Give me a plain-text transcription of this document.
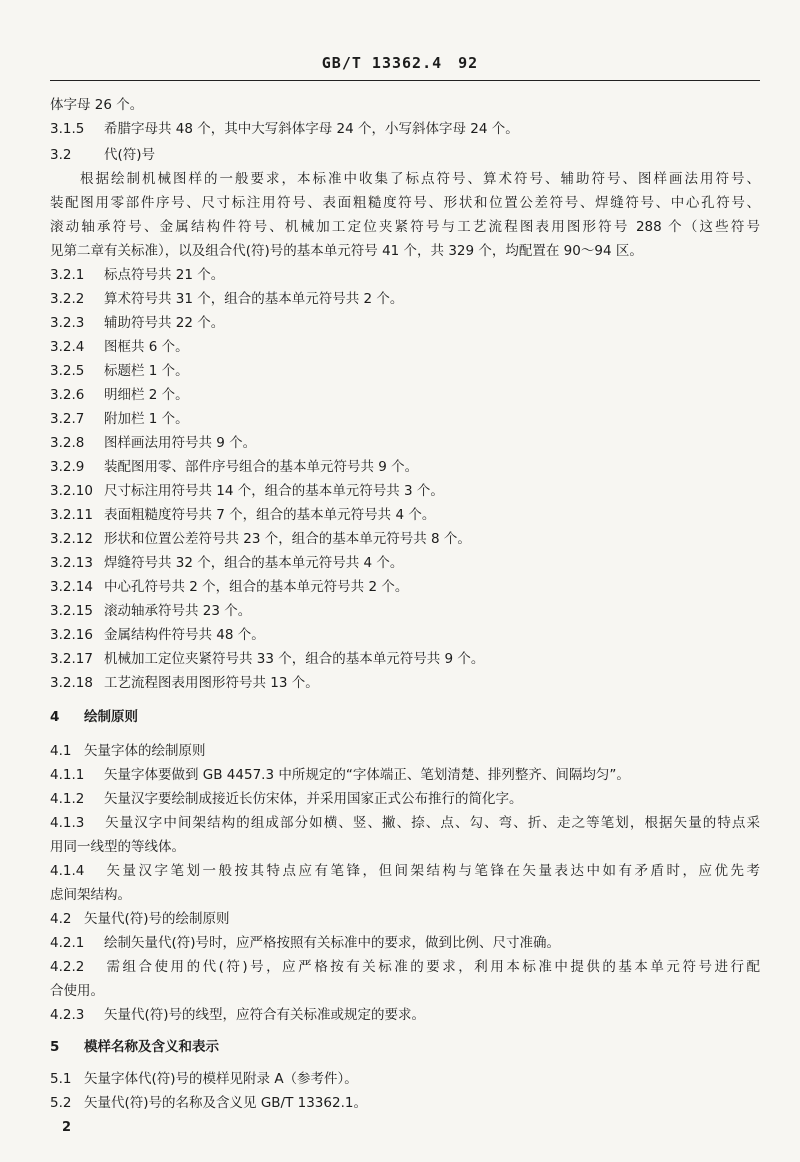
GB/T 13362.4　92
体字母 26 个。
3.1.5 希腊字母共 48 个，其中大写斜体字母 24 个，小写斜体字母 24 个。
3.2 代(符)号
根据绘制机械图样的一般要求，本标准中收集了标点符号、算术符号、辅助符号、图样画法用符号、
装配图用零部件序号、尺寸标注用符号、表面粗糙度符号、形状和位置公差符号、焊缝符号、中心孔符号、
滚动轴承符号、金属结构件符号、机械加工定位夹紧符号与工艺流程图表用图形符号 288 个（这些符号
见第二章有关标准），以及组合代(符)号的基本单元符号 41 个，共 329 个，均配置在 90～94 区。
3.2.1 标点符号共 21 个。
3.2.2 算术符号共 31 个，组合的基本单元符号共 2 个。
3.2.3 辅助符号共 22 个。
3.2.4 图框共 6 个。
3.2.5 标题栏 1 个。
3.2.6 明细栏 2 个。
3.2.7 附加栏 1 个。
3.2.8 图样画法用符号共 9 个。
3.2.9 装配图用零、部件序号组合的基本单元符号共 9 个。
3.2.10 尺寸标注用符号共 14 个，组合的基本单元符号共 3 个。
3.2.11 表面粗糙度符号共 7 个，组合的基本单元符号共 4 个。
3.2.12 形状和位置公差符号共 23 个，组合的基本单元符号共 8 个。
3.2.13 焊缝符号共 32 个，组合的基本单元符号共 4 个。
3.2.14 中心孔符号共 2 个，组合的基本单元符号共 2 个。
3.2.15 滚动轴承符号共 23 个。
3.2.16 金属结构件符号共 48 个。
3.2.17 机械加工定位夹紧符号共 33 个，组合的基本单元符号共 9 个。
3.2.18 工艺流程图表用图形符号共 13 个。
4 绘制原则
4.1 矢量字体的绘制原则
4.1.1 矢量字体要做到 GB 4457.3 中所规定的“字体端正、笔划清楚、排列整齐、间隔均匀”。
4.1.2 矢量汉字要绘制成接近长仿宋体，并采用国家正式公布推行的简化字。
4.1.3 矢量汉字中间架结构的组成部分如横、竖、撇、捺、点、勾、弯、折、走之等笔划，根据矢量的特点采
用同一线型的等线体。
4.1.4 矢量汉字笔划一般按其特点应有笔锋，但间架结构与笔锋在矢量表达中如有矛盾时，应优先考
虑间架结构。
4.2 矢量代(符)号的绘制原则
4.2.1 绘制矢量代(符)号时，应严格按照有关标准中的要求，做到比例、尺寸准确。
4.2.2 需组合使用的代(符)号，应严格按有关标准的要求，利用本标准中提供的基本单元符号进行配
合使用。
4.2.3 矢量代(符)号的线型，应符合有关标准或规定的要求。
5 模样名称及含义和表示
5.1 矢量字体代(符)号的模样见附录 A（参考件）。
5.2 矢量代(符)号的名称及含义见 GB/T 13362.1。
2
